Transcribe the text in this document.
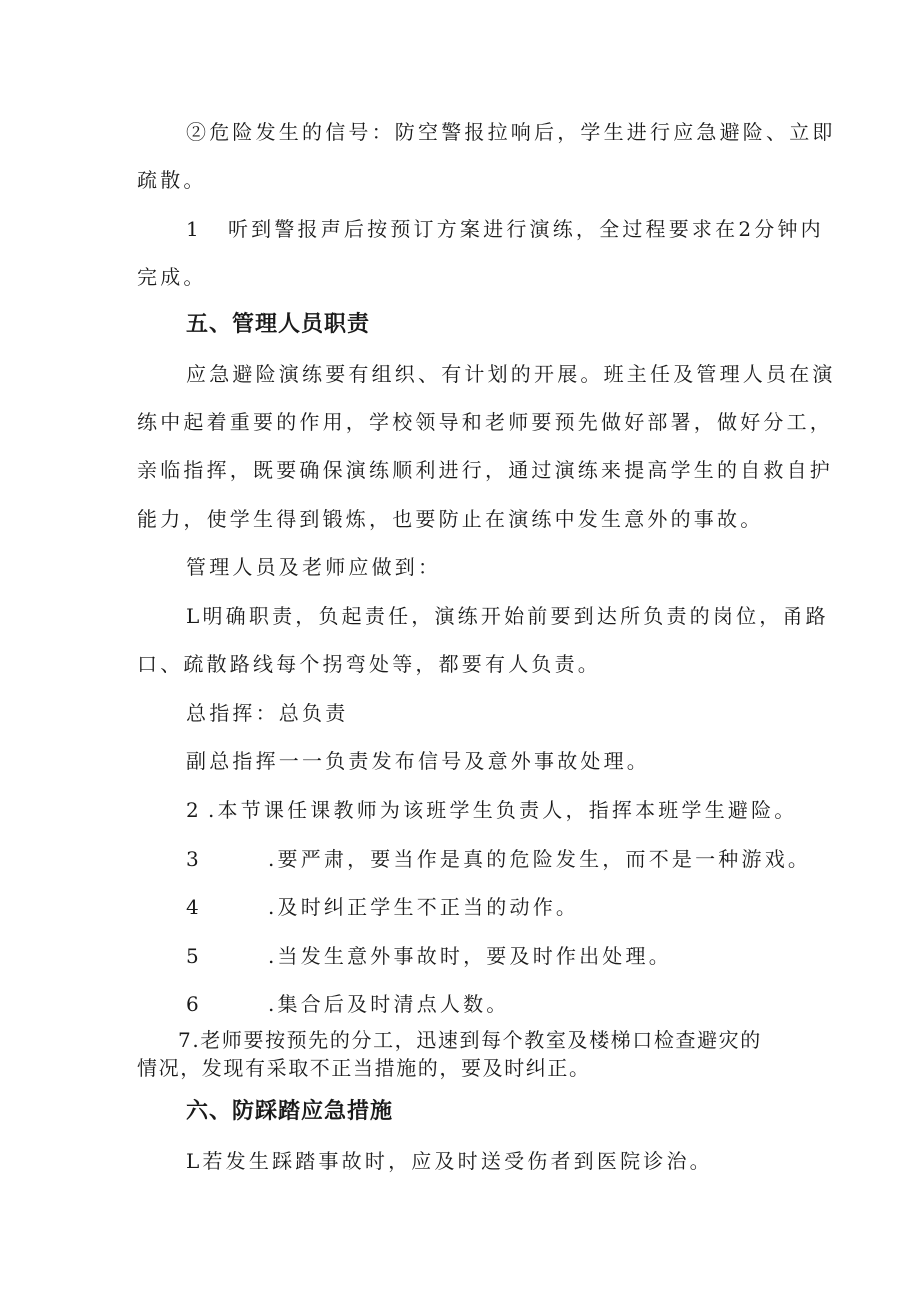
②危险发生的信号：防空警报拉响后，学生进行应急避险、立即
疏散。
1 听到警报声后按预订方案进行演练，全过程要求在2分钟内
完成。
五、管理人员职责
应急避险演练要有组织、有计划的开展。班主任及管理人员在演
练中起着重要的作用，学校领导和老师要预先做好部署，做好分工，
亲临指挥，既要确保演练顺利进行，通过演练来提高学生的自救自护
能力，使学生得到锻炼，也要防止在演练中发生意外的事故。
管理人员及老师应做到：
L明确职责，负起责任，演练开始前要到达所负责的岗位，甬路
口、疏散路线每个拐弯处等，都要有人负责。
总指挥：总负责
副总指挥一一负责发布信号及意外事故处理。
2 .本节课任课教师为该班学生负责人，指挥本班学生避险。
3	.要严肃，要当作是真的危险发生，而不是一种游戏。
4	.及时纠正学生不正当的动作。
5	.当发生意外事故时，要及时作出处理。
6	.集合后及时清点人数。
7.老师要按预先的分工，迅速到每个教室及楼梯口检查避灾的
情况，发现有采取不正当措施的，要及时纠正。
六、防踩踏应急措施
L若发生踩踏事故时，应及时送受伤者到医院诊治。
